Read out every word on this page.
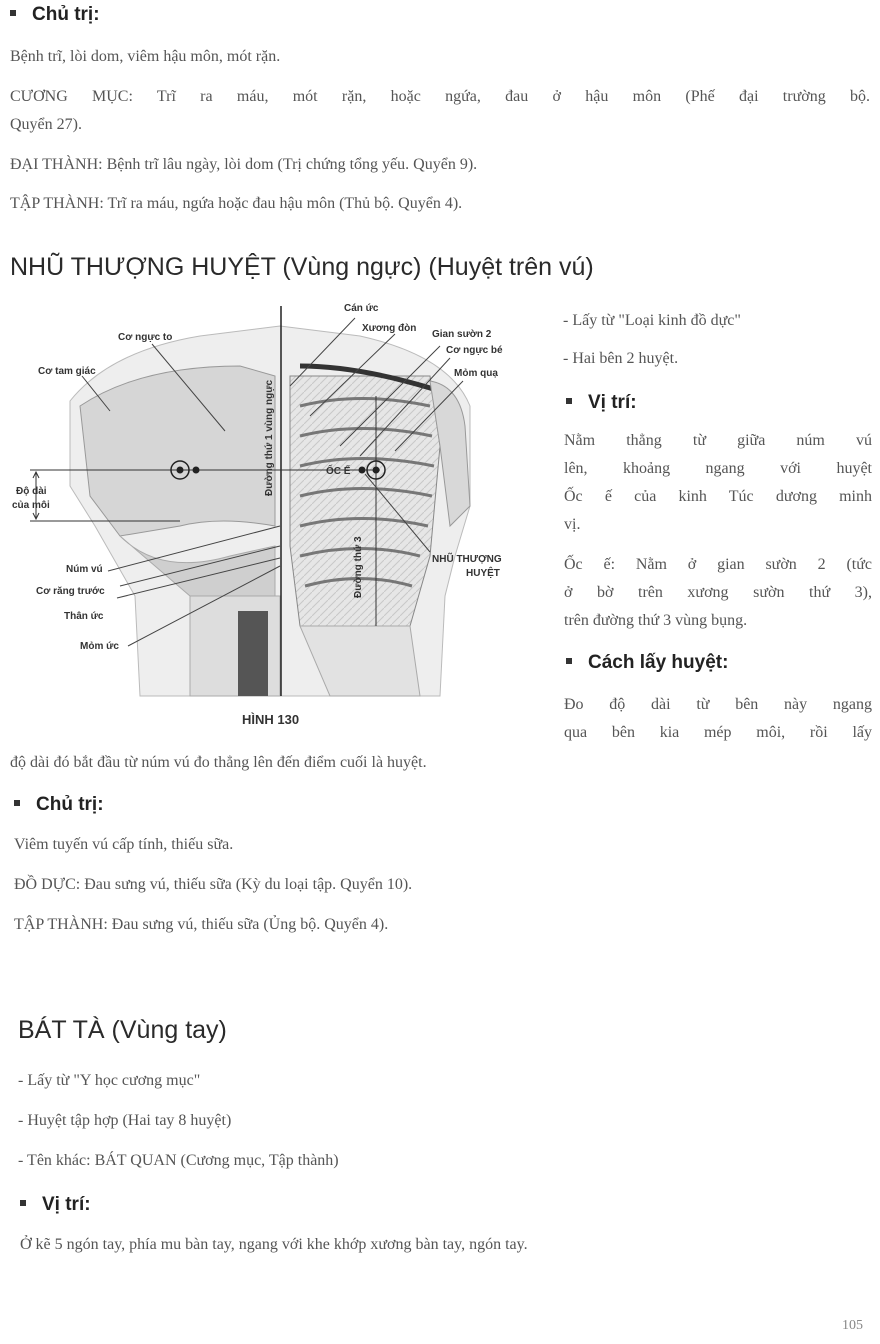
Chủ trị:
Bệnh trĩ, lòi dom, viêm hậu môn, mót rặn.
CƯƠNG MỤC: Trĩ ra máu, mót rặn, hoặc ngứa, đau ở hậu môn (Phế đại trường bộ.
Quyển 27).
ĐẠI THÀNH: Bệnh trĩ lâu ngày, lòi dom (Trị chứng tổng yếu. Quyển 9).
TẬP THÀNH: Trĩ ra máu, ngứa hoặc đau hậu môn (Thủ bộ. Quyển 4).
NHŨ THƯỢNG HUYỆT (Vùng ngực) (Huyệt trên vú)
Cơ ngực to
Cơ tam giác
Độ dài
của môi
Núm vú
Cơ răng trước
Thân ức
Mỏm ức
Cán ức
Xương đòn
Gian sườn 2
Cơ ngực bé
Mỏm quạ
ỐC Ế
NHŨ THƯỢNG
HUYỆT
Đường thứ 1 vùng ngực
Đường thứ 3
HÌNH 130
- Lấy từ "Loại kinh đồ dực"
- Hai bên 2 huyệt.
Vị trí:
Nằm thẳng từ giữa núm vú
lên, khoảng ngang với huyệt
Ốc ế của kinh Túc dương minh
vị.
Ốc ế: Nằm ở gian sườn 2 (tức
ở bờ trên xương sườn thứ 3),
trên đường thứ 3 vùng bụng.
Cách lấy huyệt:
Đo độ dài từ bên này ngang
qua bên kia mép môi, rồi lấy
độ dài đó bắt đầu từ núm vú đo thẳng lên đến điểm cuối là huyệt.
Chủ trị:
Viêm tuyến vú cấp tính, thiếu sữa.
ĐỒ DỰC: Đau sưng vú, thiếu sữa (Kỳ du loại tập. Quyển 10).
TẬP THÀNH: Đau sưng vú, thiếu sữa (Ủng bộ. Quyển 4).
BÁT TÀ (Vùng tay)
- Lấy từ "Y học cương mục"
- Huyệt tập hợp (Hai tay 8 huyệt)
- Tên khác: BÁT QUAN (Cương mục, Tập thành)
Vị trí:
Ở kẽ 5 ngón tay, phía mu bàn tay, ngang với khe khớp xương bàn tay, ngón tay.
105
